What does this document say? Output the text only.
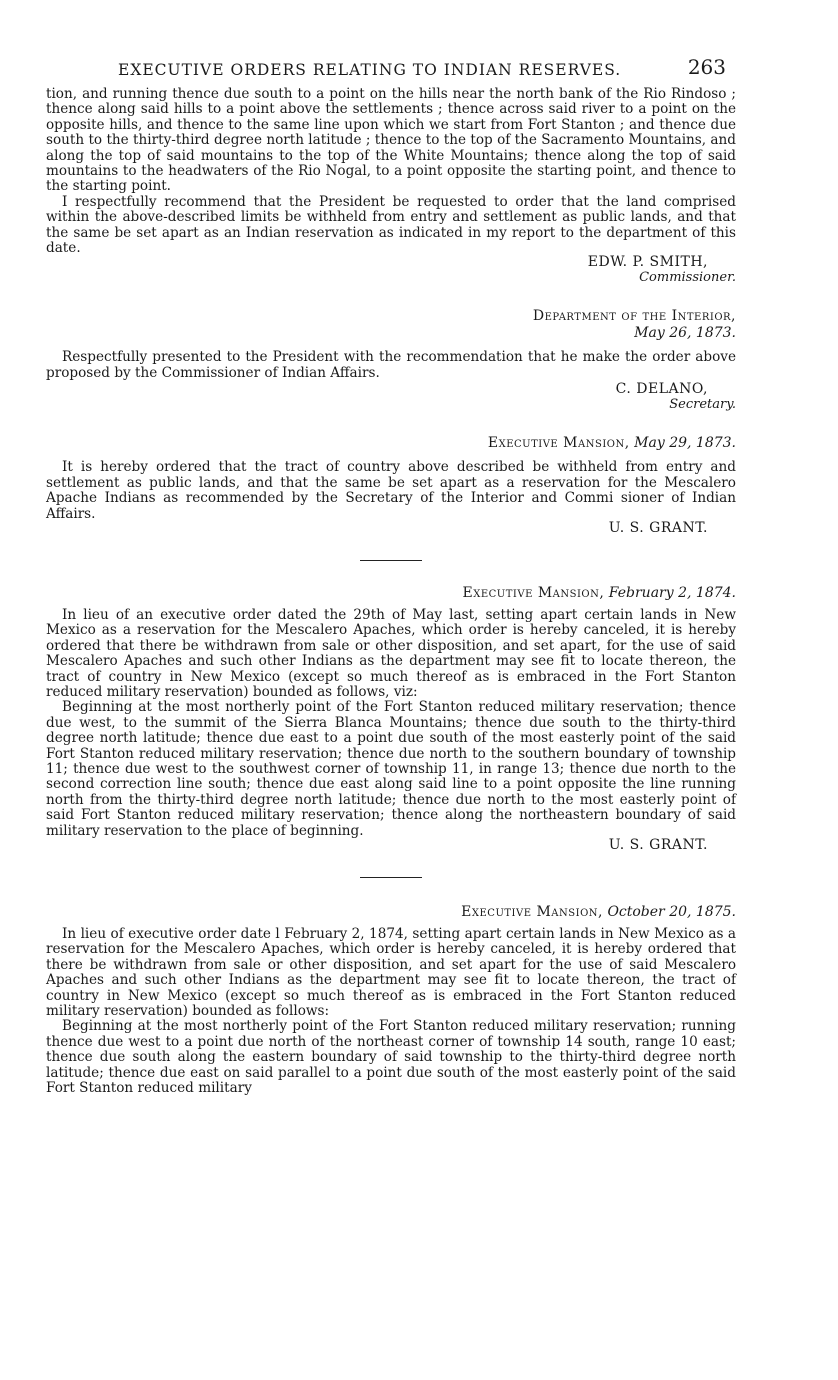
EXECUTIVE ORDERS RELATING TO INDIAN RESERVES.	263

tion, and running thence due south to a point on the hills near the north bank of the Rio Rindoso ; thence along said hills to a point above the settlements ; thence across said river to a point on the opposite hills, and thence to the same line upon which we start from Fort Stanton ; and thence due south to the thirty-third degree north latitude ; thence to the top of the Sacramento Mountains, and along the top of said mountains to the top of the White Mountains; thence along the top of said mountains to the headwaters of the Rio Nogal, to a point opposite the starting point, and thence to the starting point.

I respectfully recommend that the President be requested to order that the land comprised within the above-described limits be withheld from entry and settlement as public lands, and that the same be set apart as an Indian reservation as indicated in my report to the department of this date.

EDW. P. SMITH,
Commissioner.
Department of the Interior,
May 26, 1873.

Respectfully presented to the President with the recommendation that he make the order above proposed by the Commissioner of Indian Affairs.

C. DELANO,
Secretary.
Executive Mansion, May 29, 1873.

It is hereby ordered that the tract of country above described be withheld from entry and settlement as public lands, and that the same be set apart as a reservation for the Mescalero Apache Indians as recommended by the Secretary of the Interior and Commi sioner of Indian Affairs.

U. S. GRANT.
Executive Mansion, February 2, 1874.

In lieu of an executive order dated the 29th of May last, setting apart certain lands in New Mexico as a reservation for the Mescalero Apaches, which order is hereby canceled, it is hereby ordered that there be withdrawn from sale or other disposition, and set apart, for the use of said Mescalero Apaches and such other Indians as the department may see fit to locate thereon, the tract of country in New Mexico (except so much thereof as is embraced in the Fort Stanton reduced military reservation) bounded as follows, viz:

Beginning at the most northerly point of the Fort Stanton reduced military reservation; thence due west, to the summit of the Sierra Blanca Mountains; thence due south to the thirty-third degree north latitude; thence due east to a point due south of the most easterly point of the said Fort Stanton reduced military reservation; thence due north to the southern boundary of township 11; thence due west to the southwest corner of township 11, in range 13; thence due north to the second correction line south; thence due east along said line to a point opposite the line running north from the thirty-third degree north latitude; thence due north to the most easterly point of said Fort Stanton reduced military reservation; thence along the northeastern boundary of said military reservation to the place of beginning.

U. S. GRANT.
Executive Mansion, October 20, 1875.

In lieu of executive order date l February 2, 1874, setting apart certain lands in New Mexico as a reservation for the Mescalero Apaches, which order is hereby canceled, it is hereby ordered that there be withdrawn from sale or other disposition, and set apart for the use of said Mescalero Apaches and such other Indians as the department may see fit to locate thereon, the tract of country in New Mexico (except so much thereof as is embraced in the Fort Stanton reduced military reservation) bounded as follows:

Beginning at the most northerly point of the Fort Stanton reduced military reservation; running thence due west to a point due north of the northeast corner of township 14 south, range 10 east; thence due south along the eastern boundary of said township to the thirty-third degree north latitude; thence due east on said parallel to a point due south of the most easterly point of the said Fort Stanton reduced military
